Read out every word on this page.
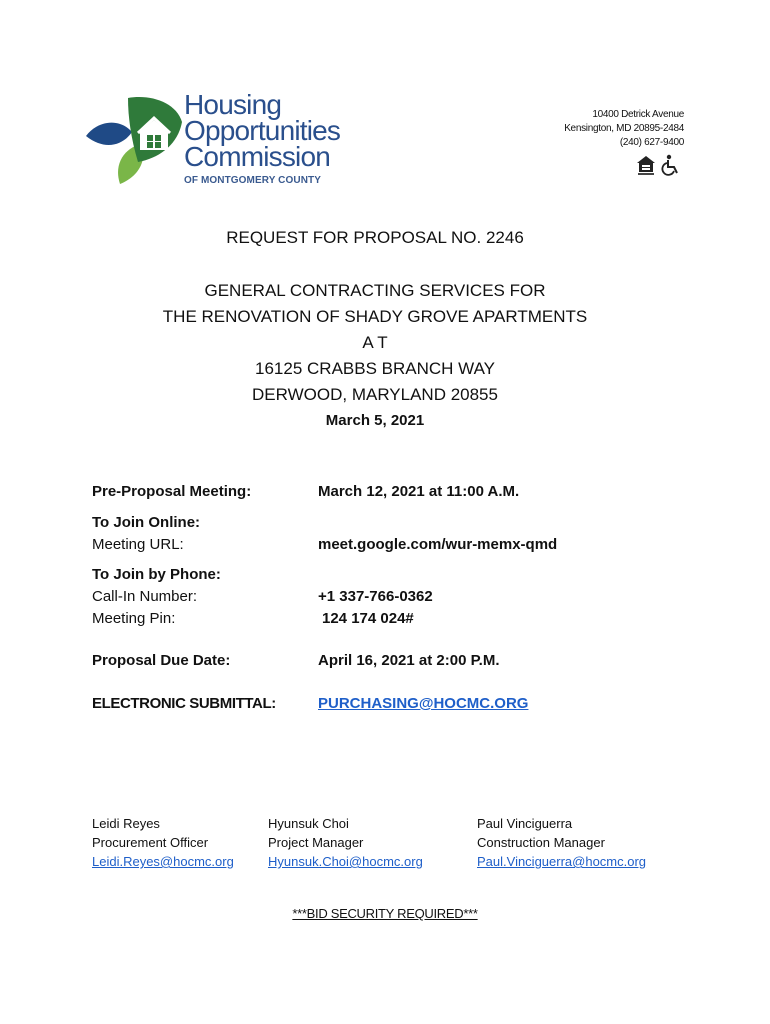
Housing
Opportunities
Commission
OF MONTGOMERY COUNTY
10400 Detrick Avenue
Kensington, MD 20895-2484
(240) 627-9400
REQUEST FOR PROPOSAL NO. 2246
GENERAL CONTRACTING SERVICES FOR
THE RENOVATION OF SHADY GROVE APARTMENTS
A T
16125 CRABBS BRANCH WAY
DERWOOD, MARYLAND 20855
March 5, 2021
Pre-Proposal Meeting:	March 12, 2021 at 11:00 A.M.
To Join Online:
Meeting URL:	meet.google.com/wur-memx-qmd
To Join by Phone:
Call-In Number:	+1 337-766-0362
Meeting Pin:	124 174 024#
Proposal Due Date:	April 16, 2021 at 2:00 P.M.
ELECTRONIC SUBMITTAL:	PURCHASING@HOCMC.ORG
Leidi Reyes
Procurement Officer
Leidi.Reyes@hocmc.org
Hyunsuk Choi
Project Manager
Hyunsuk.Choi@hocmc.org
Paul Vinciguerra
Construction Manager
Paul.Vinciguerra@hocmc.org
***BID SECURITY REQUIRED***
